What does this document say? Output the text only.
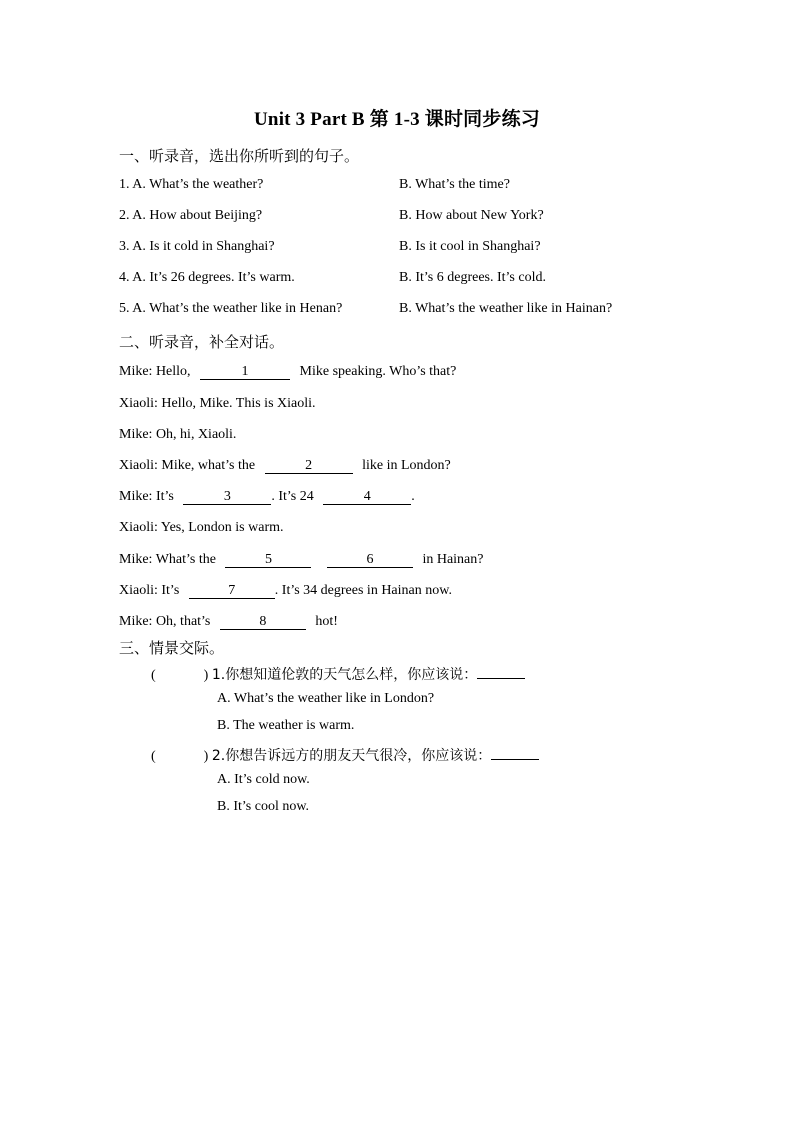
Unit 3 Part B 第 1-3 课时同步练习
一、听录音，选出你所听到的句子。
1. A. What’s the weather?	B. What’s the time?
2. A. How about Beijing?	B. How about New York?
3. A. Is it cold in Shanghai?	B. Is it cool in Shanghai?
4. A. It’s 26 degrees. It’s warm.	B. It’s 6 degrees. It’s cold.
5. A. What’s the weather like in Henan?	B. What’s the weather like in Hainan?
二、听录音，补全对话。
Mike: Hello,	1	Mike speaking. Who’s that?
Xiaoli: Hello, Mike. This is Xiaoli.
Mike: Oh, hi, Xiaoli.
Xiaoli: Mike, what’s the	2	like in London?
Mike: It’s	3	. It’s 24	4	.
Xiaoli: Yes, London is warm.
Mike: What’s the	5	6	in Hainan?
Xiaoli: It’s	7	. It’s 34 degrees in Hainan now.
Mike: Oh, that’s	8	hot!
三、情景交际。
(	) 1.你想知道伦敦的天气怎么样，你应该说：
A. What’s the weather like in London?
B. The weather is warm.
(	) 2.你想告诉远方的朋友天气很冷，你应该说：
A. It’s cold now.
B. It’s cool now.
